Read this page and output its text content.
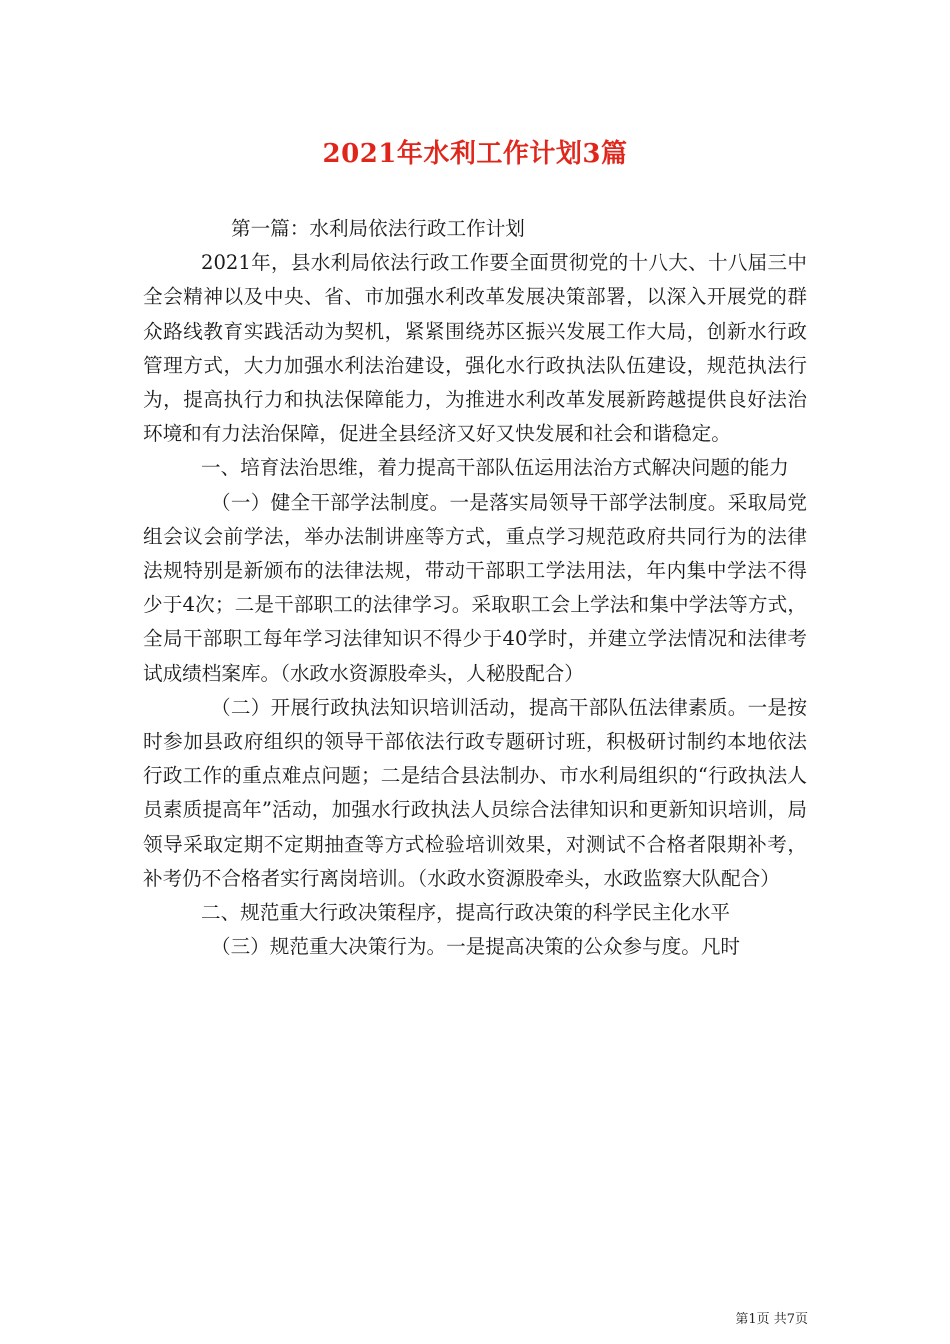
2021年水利工作计划3篇

第一篇：水利局依法行政工作计划

2021年，县水利局依法行政工作要全面贯彻党的十八大、十八届三中全会精神以及中央、省、市加强水利改革发展决策部署，以深入开展党的群众路线教育实践活动为契机，紧紧围绕苏区振兴发展工作大局，创新水行政管理方式，大力加强水利法治建设，强化水行政执法队伍建设，规范执法行为，提高执行力和执法保障能力，为推进水利改革发展新跨越提供良好法治环境和有力法治保障，促进全县经济又好又快发展和社会和谐稳定。

一、培育法治思维，着力提高干部队伍运用法治方式解决问题的能力

（一）健全干部学法制度。一是落实局领导干部学法制度。采取局党组会议会前学法，举办法制讲座等方式，重点学习规范政府共同行为的法律法规特别是新颁布的法律法规，带动干部职工学法用法，年内集中学法不得少于4次；二是干部职工的法律学习。采取职工会上学法和集中学法等方式，全局干部职工每年学习法律知识不得少于40学时，并建立学法情况和法律考试成绩档案库。（水政水资源股牵头，人秘股配合）

（二）开展行政执法知识培训活动，提高干部队伍法律素质。一是按时参加县政府组织的领导干部依法行政专题研讨班，积极研讨制约本地依法行政工作的重点难点问题；二是结合县法制办、市水利局组织的“行政执法人员素质提高年”活动，加强水行政执法人员综合法律知识和更新知识培训，局领导采取定期不定期抽查等方式检验培训效果，对测试不合格者限期补考，补考仍不合格者实行离岗培训。（水政水资源股牵头，水政监察大队配合）

二、规范重大行政决策程序，提高行政决策的科学民主化水平

（三）规范重大决策行为。一是提高决策的公众参与度。凡时

第1页 共7页
